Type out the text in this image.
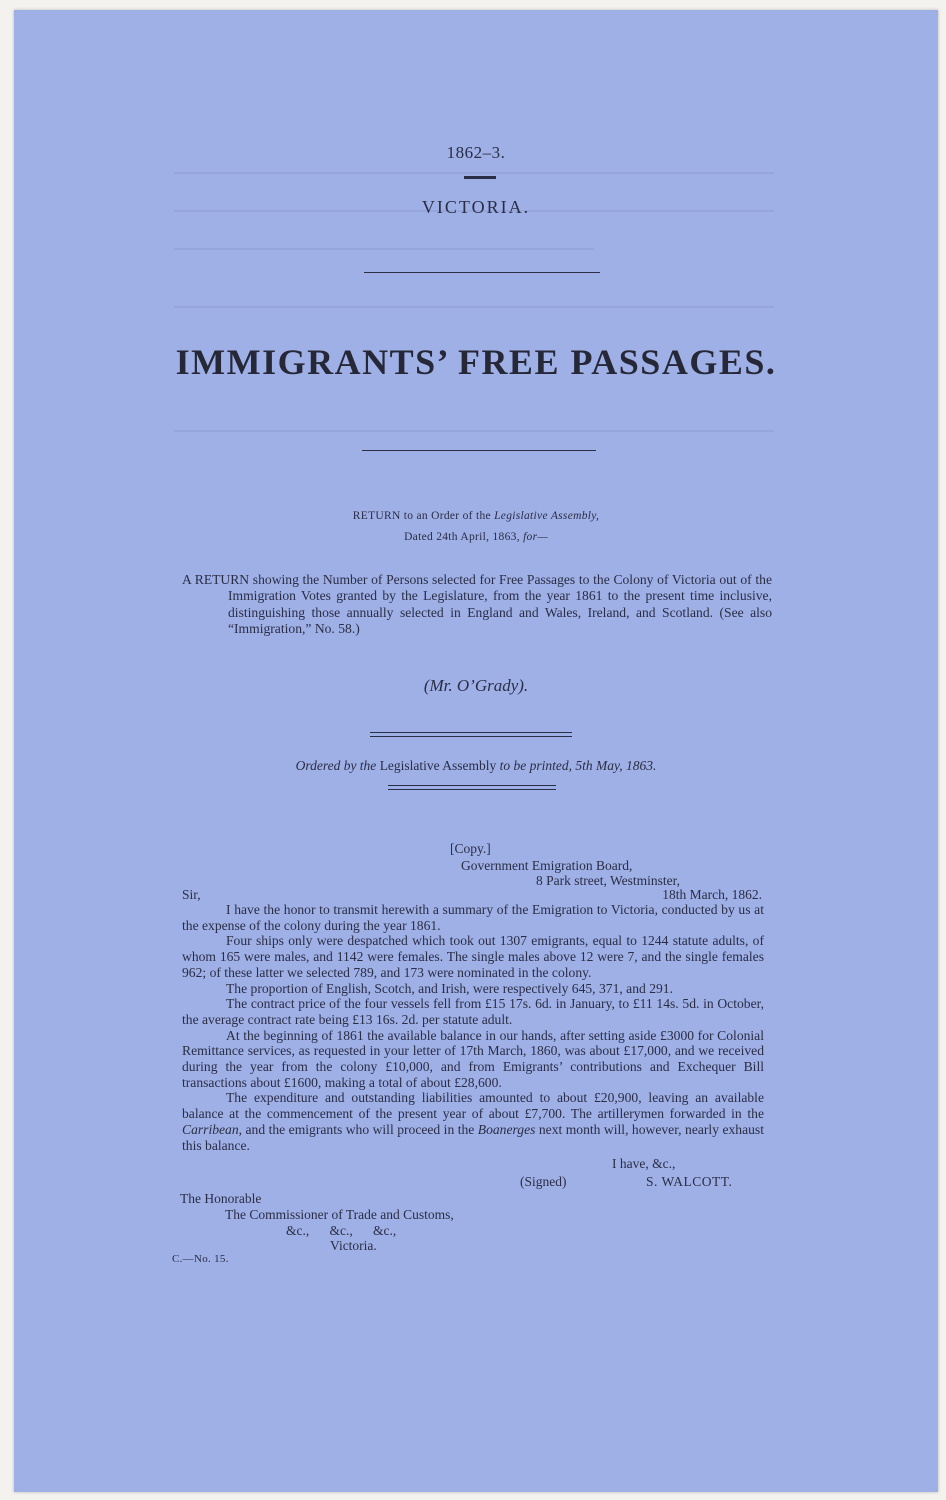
1862–3.
VICTORIA.
IMMIGRANTS’ FREE PASSAGES.
RETURN to an Order of the Legislative Assembly,
Dated 24th April, 1863, for—
A RETURN showing the Number of Persons selected for Free Passages to the Colony of Victoria out of the Immigration Votes granted by the Legislature, from the year 1861 to the present time inclusive, distinguishing those annually selected in England and Wales, Ireland, and Scotland. (See also “Immigration,” No. 58.)
(Mr. O’Grady).
Ordered by the Legislative Assembly to be printed, 5th May, 1863.
[Copy.]
Government Emigration Board,
8 Park street, Westminster,
Sir,	18th March, 1862.

I have the honor to transmit herewith a summary of the Emigration to Victoria, conducted by us at the expense of the colony during the year 1861.

Four ships only were despatched which took out 1307 emigrants, equal to 1244 statute adults, of whom 165 were males, and 1142 were females. The single males above 12 were 7, and the single females 962; of these latter we selected 789, and 173 were nominated in the colony.

The proportion of English, Scotch, and Irish, were respectively 645, 371, and 291.

The contract price of the four vessels fell from £15 17s. 6d. in January, to £11 14s. 5d. in October, the average contract rate being £13 16s. 2d. per statute adult.

At the beginning of 1861 the available balance in our hands, after setting aside £3000 for Colonial Remittance services, as requested in your letter of 17th March, 1860, was about £17,000, and we received during the year from the colony £10,000, and from Emigrants’ contributions and Exchequer Bill transactions about £1600, making a total of about £28,600.

The expenditure and outstanding liabilities amounted to about £20,900, leaving an available balance at the commencement of the present year of about £7,700. The artillerymen forwarded in the Carribean, and the emigrants who will proceed in the Boanerges next month will, however, nearly exhaust this balance.

I have, &c.,
(Signed)	S. WALCOTT.
The Honorable
The Commissioner of Trade and Customs,
&c.,      &c.,      &c.,
Victoria.
C.—No. 15.
